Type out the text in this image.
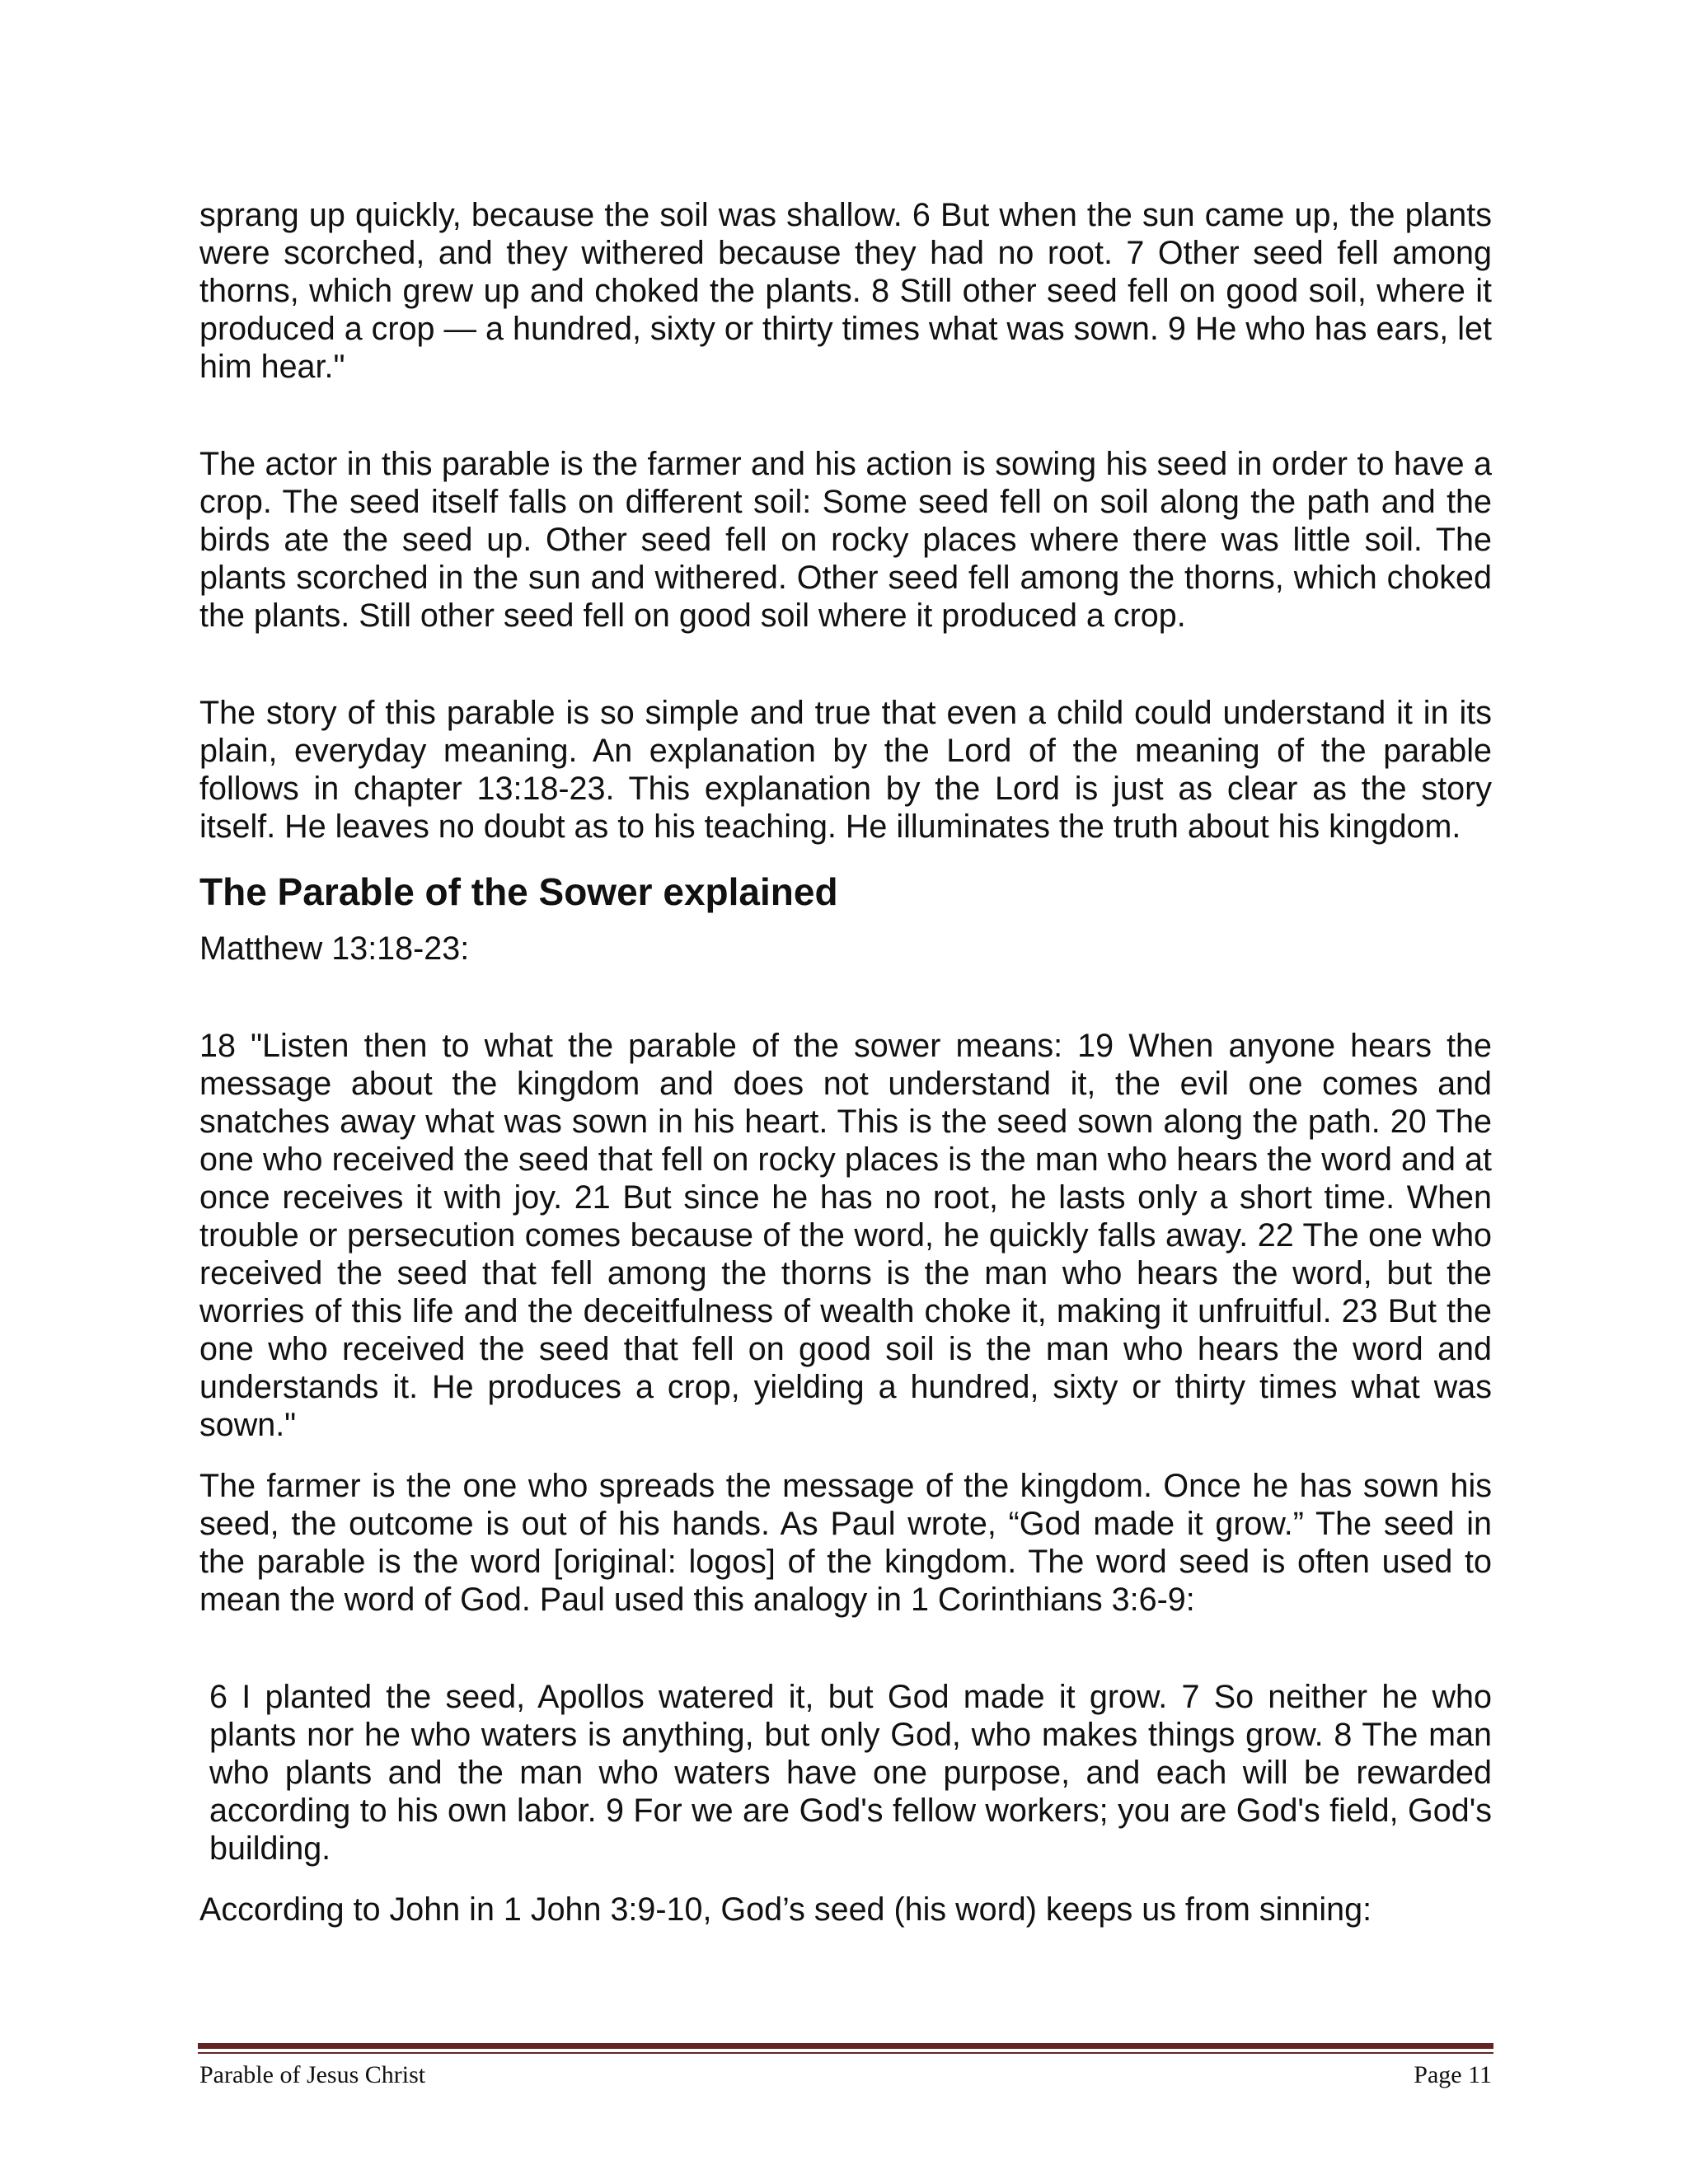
sprang up quickly, because the soil was shallow. 6 But when the sun came up, the plants were scorched, and they withered because they had no root. 7 Other seed fell among thorns, which grew up and choked the plants. 8 Still other seed fell on good soil, where it produced a crop — a hundred, sixty or thirty times what was sown. 9 He who has ears, let him hear."

The actor in this parable is the farmer and his action is sowing his seed in order to have a crop. The seed itself falls on different soil: Some seed fell on soil along the path and the birds ate the seed up. Other seed fell on rocky places where there was little soil. The plants scorched in the sun and withered. Other seed fell among the thorns, which choked the plants. Still other seed fell on good soil where it produced a crop.

The story of this parable is so simple and true that even a child could understand it in its plain, everyday meaning. An explanation by the Lord of the meaning of the parable follows in chapter 13:18-23. This explanation by the Lord is just as clear as the story itself. He leaves no doubt as to his teaching. He illuminates the truth about his kingdom.

The Parable of the Sower explained

Matthew 13:18-23:

18 "Listen then to what the parable of the sower means: 19 When anyone hears the message about the kingdom and does not understand it, the evil one comes and snatches away what was sown in his heart. This is the seed sown along the path. 20 The one who received the seed that fell on rocky places is the man who hears the word and at once receives it with joy. 21 But since he has no root, he lasts only a short time. When trouble or persecution comes because of the word, he quickly falls away. 22 The one who received the seed that fell among the thorns is the man who hears the word, but the worries of this life and the deceitfulness of wealth choke it, making it unfruitful. 23 But the one who received the seed that fell on good soil is the man who hears the word and understands it. He produces a crop, yielding a hundred, sixty or thirty times what was sown."

The farmer is the one who spreads the message of the kingdom. Once he has sown his seed, the outcome is out of his hands. As Paul wrote, “God made it grow.” The seed in the parable is the word [original: logos] of the kingdom. The word seed is often used to mean the word of God. Paul used this analogy in 1 Corinthians 3:6-9:

6 I planted the seed, Apollos watered it, but God made it grow. 7 So neither he who plants nor he who waters is anything, but only God, who makes things grow. 8 The man who plants and the man who waters have one purpose, and each will be rewarded according to his own labor. 9 For we are God's fellow workers; you are God's field, God's building.

According to John in 1 John 3:9-10, God’s seed (his word) keeps us from sinning:

Parable of Jesus Christ	Page 11
